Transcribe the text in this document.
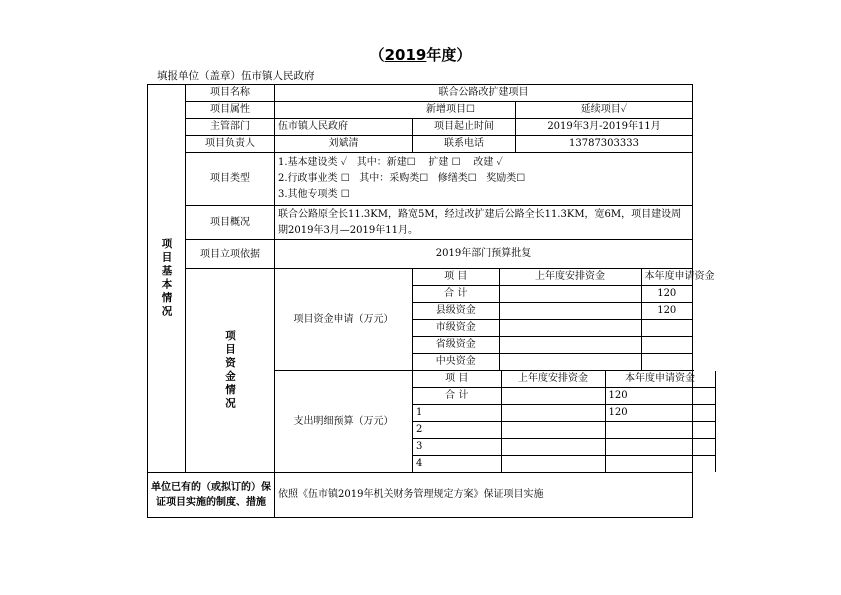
（2019年度）
填报单位（盖章）伍市镇人民政府
项目基本情况	项目名称	联合公路改扩建项目
项目属性	新增项目☐	延续项目✓
主管部门	伍市镇人民政府	项目起止时间	2019年3月-2019年11月
项目负责人	刘斌清	联系电话	13787303333
项目类型	
1.基本建设类 ✓   其中：新建☐    扩建 ☐    改建 ✓
2.行政事业类 ☐   其中：采购类☐   修缮类☐   奖励类☐
3.其他专项类 ☐

项目概况	联合公路原全长11.3KM，路宽5M，经过改扩建后公路全长11.3KM，宽6M，项目建设周期2019年3月—2019年11月。
项目立项依据	2019年部门预算批复
项目资金情况	项目资金申请（万元）	
项 目	上年度安排资金	本年度申请资金
合 计		120
县级资金		120
市级资金		
省级资金		
中央资金		

支出明细预算（万元）	
项 目	上年度安排资金	本年度申请资金	
合 计		120	
1		120	
2			
3			
4			

单位已有的（或拟订的）保证项目实施的制度、措施	依照《伍市镇2019年机关财务管理规定方案》保证项目实施
